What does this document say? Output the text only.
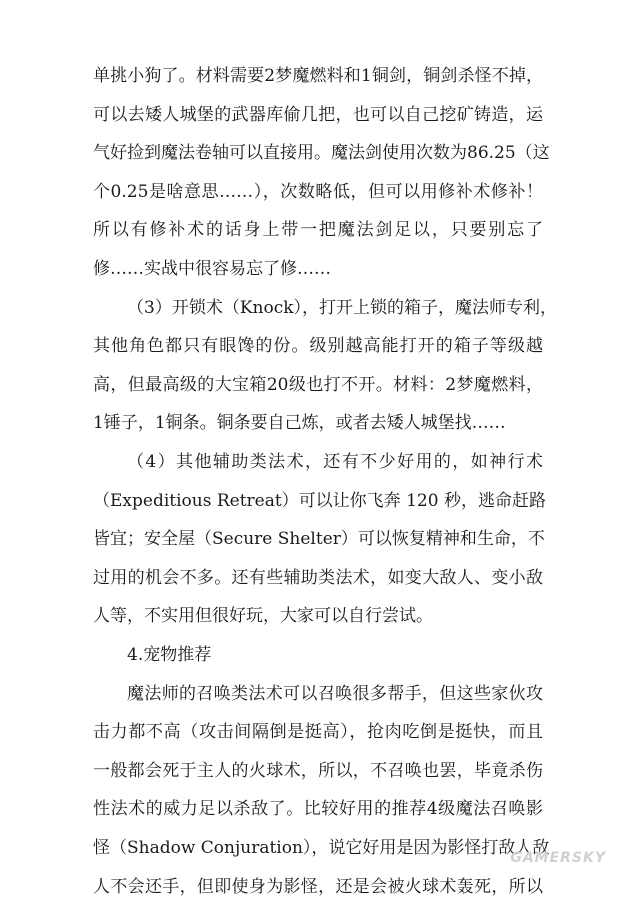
单挑小狗了。材料需要2梦魔燃料和1铜剑，铜剑杀怪不掉，
可以去矮人城堡的武器库偷几把，也可以自己挖矿铸造，运
气好捡到魔法卷轴可以直接用。魔法剑使用次数为86.25（这
个0.25是啥意思……），次数略低，但可以用修补术修补！
所以有修补术的话身上带一把魔法剑足以，只要别忘了
修……实战中很容易忘了修……
（3）开锁术（Knock），打开上锁的箱子，魔法师专利，
其他角色都只有眼馋的份。级别越高能打开的箱子等级越
高，但最高级的大宝箱20级也打不开。材料：2梦魔燃料，
1锤子，1铜条。铜条要自己炼，或者去矮人城堡找……
（4）其他辅助类法术，还有不少好用的，如神行术
（Expeditious Retreat）可以让你飞奔 120 秒，逃命赶路
皆宜；安全屋（Secure Shelter）可以恢复精神和生命，不
过用的机会不多。还有些辅助类法术，如变大敌人、变小敌
人等，不实用但很好玩，大家可以自行尝试。
4.宠物推荐
魔法师的召唤类法术可以召唤很多帮手，但这些家伙攻
击力都不高（攻击间隔倒是挺高），抢肉吃倒是挺快，而且
一般都会死于主人的火球术，所以，不召唤也罢，毕竟杀伤
性法术的威力足以杀敌了。比较好用的推荐4级魔法召唤影
怪（Shadow Conjuration），说它好用是因为影怪打敌人敌
人不会还手，但即使身为影怪，还是会被火球术轰死，所以
GAMERSKY
